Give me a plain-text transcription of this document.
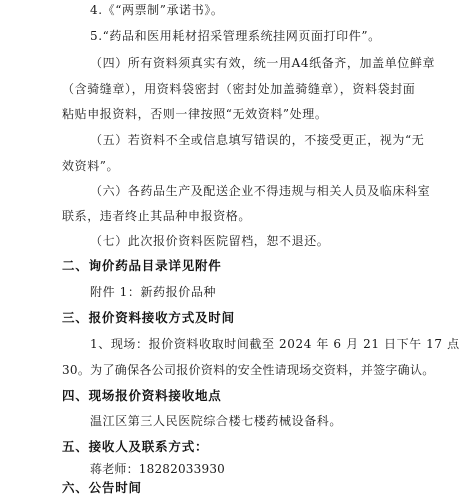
4.《“两票制”承诺书》。
5.“药品和医用耗材招采管理系统挂网页面打印件”。
（四）所有资料须真实有效，统一用A4纸备齐，加盖单位鲜章
（含骑缝章），用资料袋密封（密封处加盖骑缝章），资料袋封面
粘贴申报资料，否则一律按照“无效资料”处理。
（五）若资料不全或信息填写错误的，不接受更正，视为“无
效资料”。
（六）各药品生产及配送企业不得违规与相关人员及临床科室
联系，违者终止其品种申报资格。
（七）此次报价资料医院留档，恕不退还。
二、询价药品目录详见附件
附件 1：新药报价品种
三、报价资料接收方式及时间
1、现场：报价资料收取时间截至 2024 年 6 月 21 日下午 17 点
30。为了确保各公司报价资料的安全性请现场交资料，并签字确认。
四、现场报价资料接收地点
温江区第三人民医院综合楼七楼药械设备科。
五、接收人及联系方式：
蒋老师：18282033930
六、公告时间
